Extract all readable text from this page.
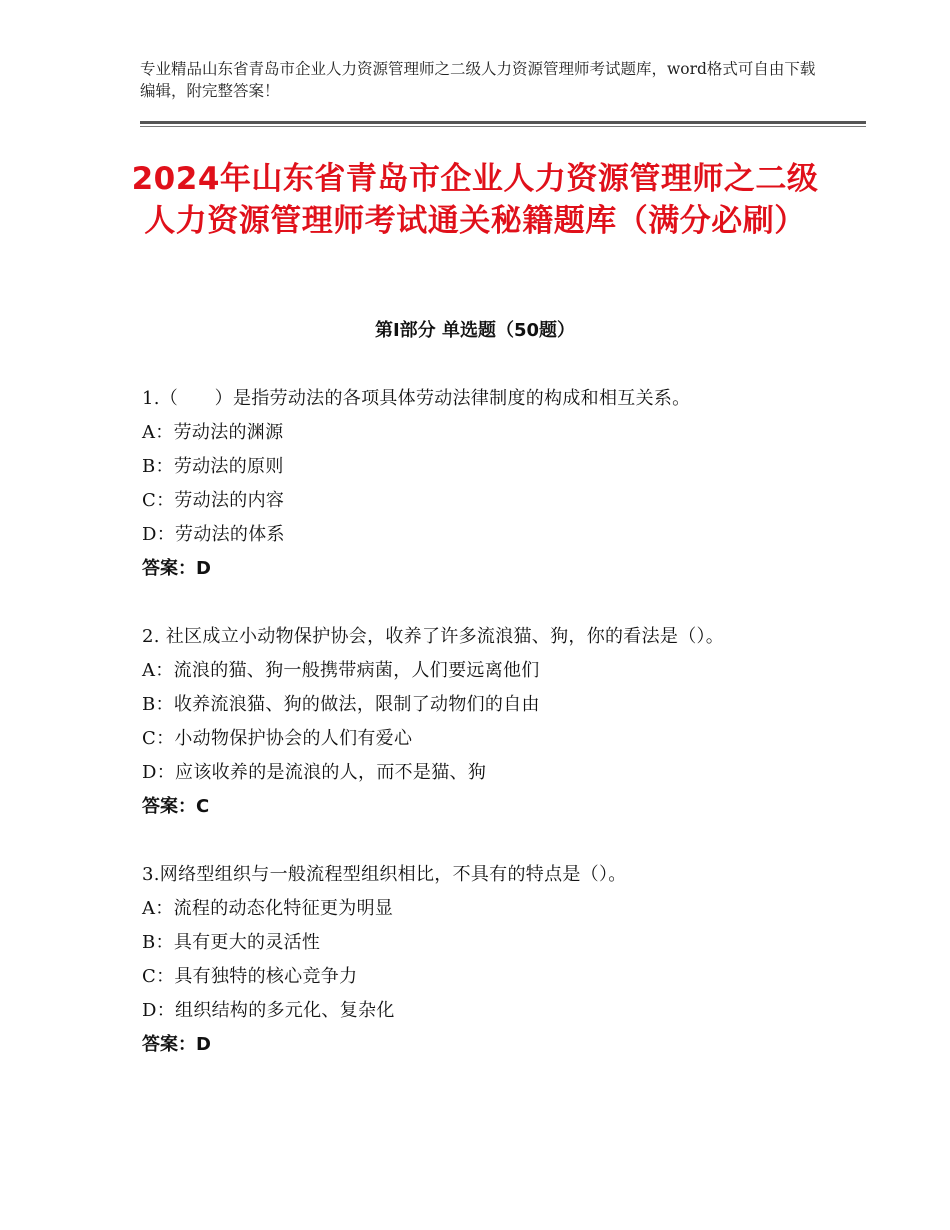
专业精品山东省青岛市企业人力资源管理师之二级人力资源管理师考试题库，word格式可自由下载编辑，附完整答案！
2024年山东省青岛市企业人力资源管理师之二级人力资源管理师考试通关秘籍题库（满分必刷）
第Ⅰ部分 单选题（50题）
1.（　　）是指劳动法的各项具体劳动法律制度的构成和相互关系。
A：劳动法的渊源
B：劳动法的原则
C：劳动法的内容
D：劳动法的体系
答案：D
2. 社区成立小动物保护协会，收养了许多流浪猫、狗，你的看法是（）。
A：流浪的猫、狗一般携带病菌，人们要远离他们
B：收养流浪猫、狗的做法，限制了动物们的自由
C：小动物保护协会的人们有爱心
D：应该收养的是流浪的人，而不是猫、狗
答案：C
3.网络型组织与一般流程型组织相比，不具有的特点是（）。
A：流程的动态化特征更为明显
B：具有更大的灵活性
C：具有独特的核心竞争力
D：组织结构的多元化、复杂化
答案：D
